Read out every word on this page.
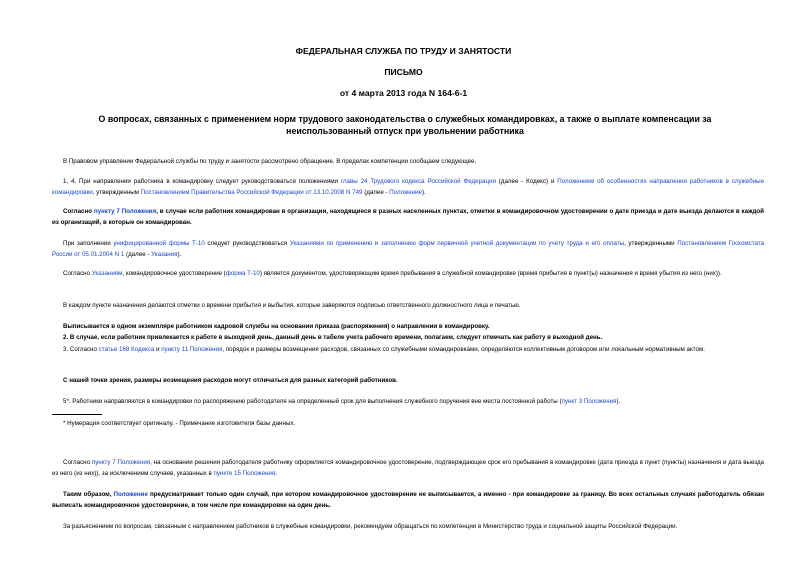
ФЕДЕРАЛЬНАЯ СЛУЖБА ПО ТРУДУ И ЗАНЯТОСТИ
ПИСЬМО
от 4 марта 2013 года N 164-6-1
О вопросах, связанных с применением норм трудового законодательства о служебных командировках, а также о выплате компенсации за неиспользованный отпуск при увольнении работника
В Правовом управлении Федеральной службы по труду и занятости рассмотрено обращение. В пределах компетенции сообщаем следующее.
1, 4. При направлении работника в командировку следует руководствоваться положениями главы 24 Трудового кодекса Российской Федерации (далее - Кодекс) и Положением об особенностях направления работников в служебные командировки, утвержденным Постановлением Правительства Российской Федерации от 13.10.2008 N 749 (далее - Положение).
Согласно пункту 7 Положения, в случае если работник командирован в организации, находящиеся в разных населенных пунктах, отметки в командировочном удостоверении о дате приезда и дате выезда делаются в каждой из организаций, в которые он командирован.
При заполнении унифицированной формы Т-10 следует руководствоваться Указаниями по применению и заполнению форм первичной учетной документации по учету труда и его оплаты, утвержденными Постановлением Госкомстата России от 05.01.2004 N 1 (далее - Указания).
Согласно Указаниям, командировочное удостоверение (форма Т-10) является документом, удостоверяющим время пребывания в служебной командировке (время прибытия в пункт(ы) назначения и время убытия из него (них)).
В каждом пункте назначения делаются отметки о времени прибытия и выбытия, которые заверяются подписью ответственного должностного лица и печатью.
Выписывается в одном экземпляре работником кадровой службы на основании приказа (распоряжения) о направлении в командировку.
2. В случае, если работник привлекается к работе в выходной день, данный день в табеле учета рабочего времени, полагаем, следует отмечать как работу в выходной день.
3. Согласно статье 168 Кодекса и пункту 11 Положения, порядок и размеры возмещения расходов, связанных со служебными командировками, определяются коллективным договором или локальным нормативным актом.
С нашей точки зрения, размеры возмещения расходов могут отличаться для разных категорий работников.
5*. Работники направляются в командировки по распоряжению работодателя на определенный срок для выполнения служебного поручения вне места постоянной работы (пункт 3 Положения).
* Нумерация соответствует оригиналу. - Примечание изготовителя базы данных.
Согласно пункту 7 Положения, на основании решения работодателя работнику оформляется командировочное удостоверение, подтверждающее срок его пребывания в командировке (дата приезда в пункт (пункты) назначения и дата выезда из него (из них)), за исключением случаев, указанных в пункте 15 Положения.
Таким образом, Положение предусматривает только один случай, при котором командировочное удостоверение не выписывается, а именно - при командировке за границу. Во всех остальных случаях работодатель обязан выписать командировочное удостоверение, в том числе при командировке на один день.
За разъяснением по вопросам, связанным с направлением работников в служебные командировки, рекомендуем обращаться по компетенции в Министерство труда и социальной защиты Российской Федерации.
